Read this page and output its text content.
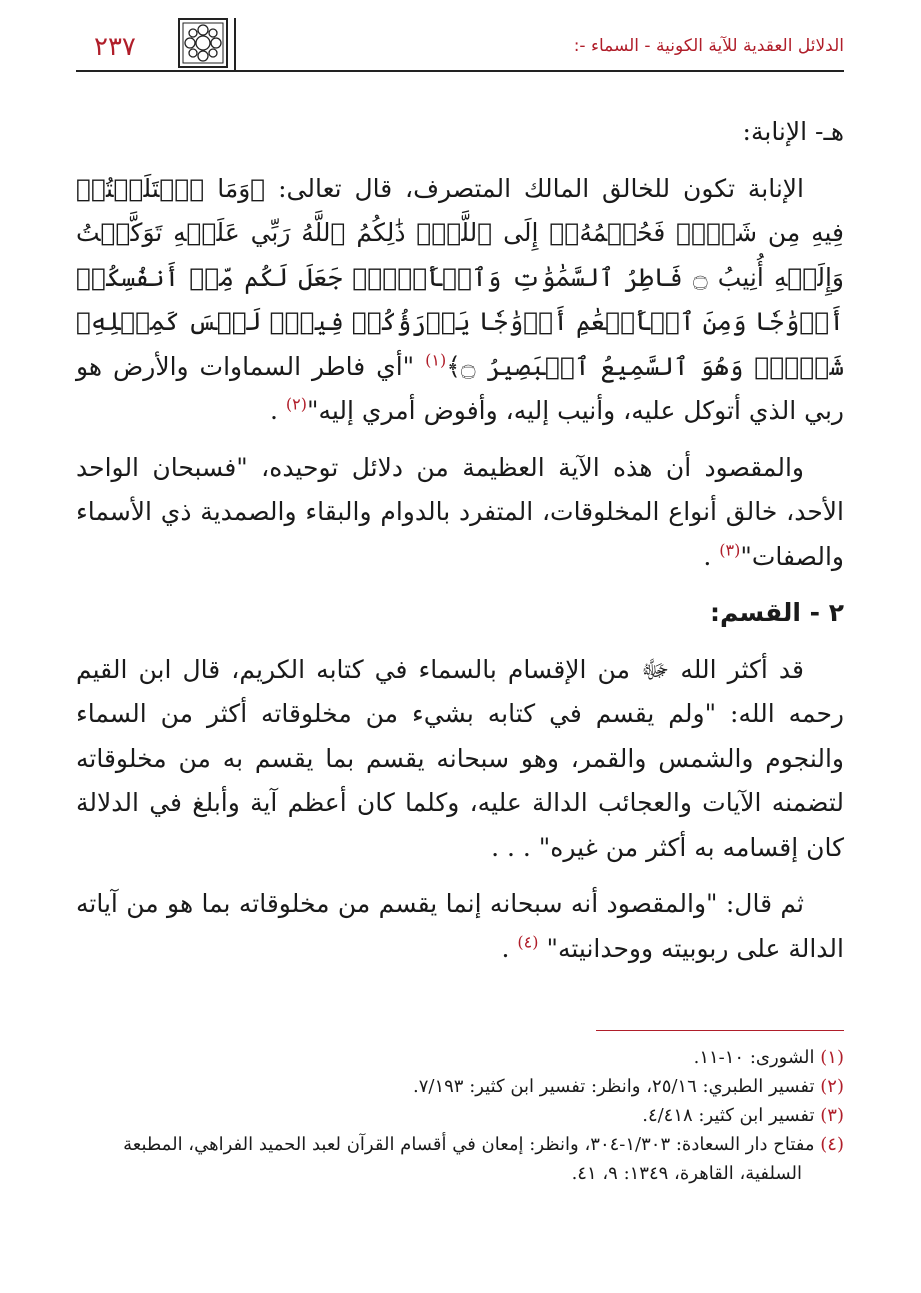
٢٣٧	الدلائل العقدية للآية الكونية - السماء -:

هـ- الإنابة:

الإنابة تكون للخالق المالك المتصرف، قال تعالى: ﴿وَمَا ٱخۡتَلَفۡتُمۡ فِيهِ مِن شَيۡءٖ فَحُكۡمُهُۥٓ إِلَى ٱللَّهِۚ ذَٰلِكُمُ ٱللَّهُ رَبِّي عَلَيۡهِ تَوَكَّلۡتُ وَإِلَيۡهِ أُنِيبُ ۝ فَاطِرُ ٱلسَّمَٰوَٰتِ وَٱلۡأَرۡضِۚ جَعَلَ لَكُم مِّنۡ أَنفُسِكُمۡ أَزۡوَٰجٗا وَمِنَ ٱلۡأَنۡعَٰمِ أَزۡوَٰجٗا يَذۡرَؤُكُمۡ فِيهِۚ لَيۡسَ كَمِثۡلِهِۦ شَيۡءٞۖ وَهُوَ ٱلسَّمِيعُ ٱلۡبَصِيرُ ۝﴾$^{(١)}$ "أي فاطر السماوات والأرض هو ربي الذي أتوكل عليه، وأنيب إليه، وأفوض أمري إليه"$^{(٢)}$ .

والمقصود أن هذه الآية العظيمة من دلائل توحيده، "فسبحان الواحد الأحد، خالق أنواع المخلوقات، المتفرد بالدوام والبقاء والصمدية ذي الأسماء والصفات"$^{(٣)}$ .

٢ - القسم:

قد أكثر الله ﷻ من الإقسام بالسماء في كتابه الكريم، قال ابن القيم رحمه الله: "ولم يقسم في كتابه بشيء من مخلوقاته أكثر من السماء والنجوم والشمس والقمر، وهو سبحانه يقسم بما يقسم به من مخلوقاته لتضمنه الآيات والعجائب الدالة عليه، وكلما كان أعظم آية وأبلغ في الدلالة كان إقسامه به أكثر من غيره" . . .

ثم قال: "والمقصود أنه سبحانه إنما يقسم من مخلوقاته بما هو من آياته الدالة على ربوبيته ووحدانيته" $^{(٤)}$ .

(١) الشورى: ١٠-١١.

(٢) تفسير الطبري: ٢٥/١٦، وانظر: تفسير ابن كثير: ٧/١٩٣.

(٣) تفسير ابن كثير: ٤/٤١٨.

(٤) مفتاح دار السعادة: ١/٣٠٣-٣٠٤، وانظر: إمعان في أقسام القرآن لعبد الحميد الفراهي، المطبعة السلفية، القاهرة، ١٣٤٩: ٩، ٤١.
